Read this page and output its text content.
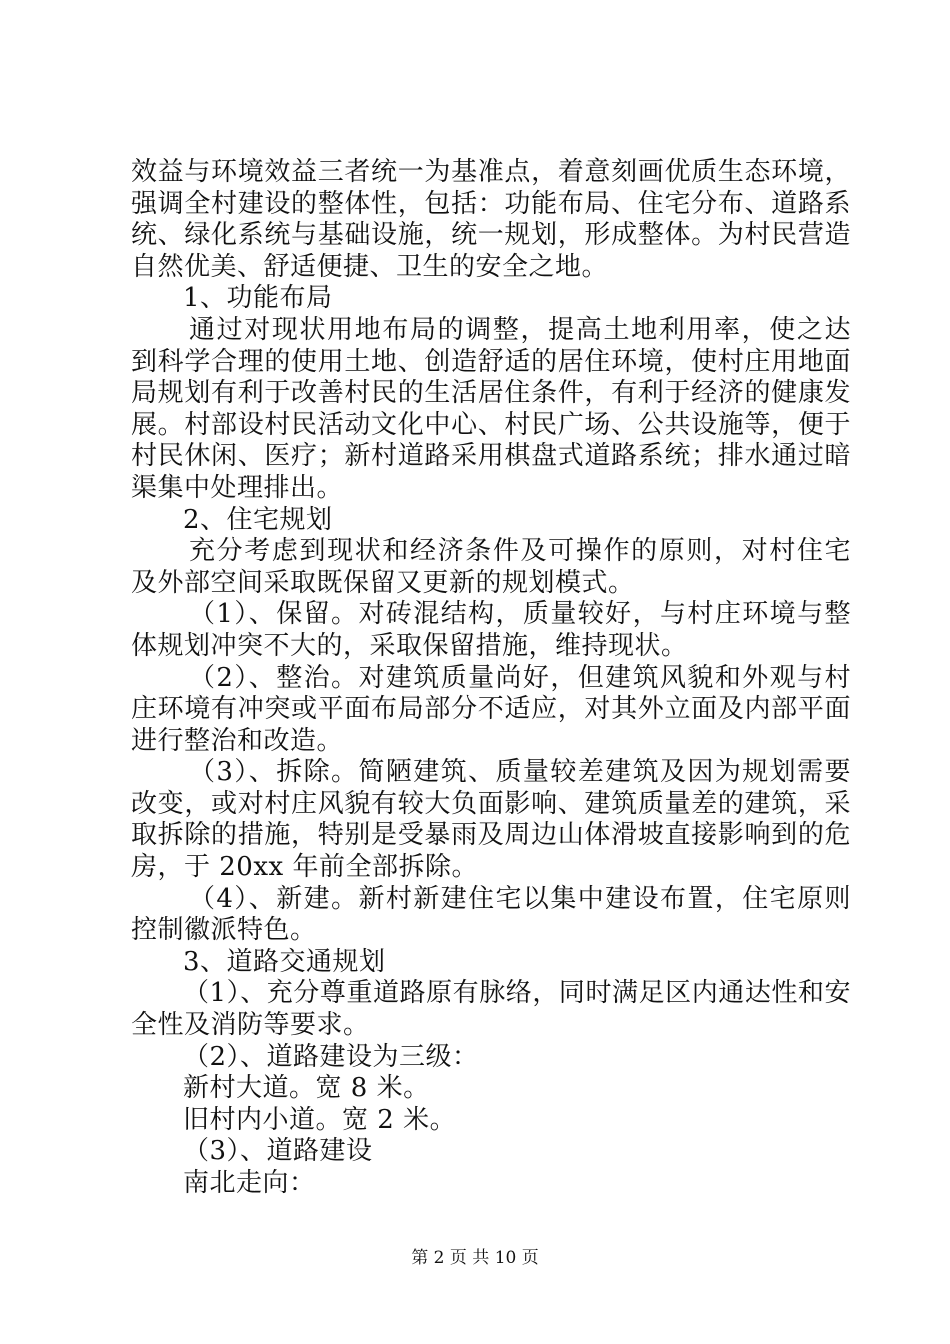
效益与环境效益三者统一为基准点，着意刻画优质生态环境，强调全村建设的整体性，包括：功能布局、住宅分布、道路系统、绿化系统与基础设施，统一规划，形成整体。为村民营造自然优美、舒适便捷、卫生的安全之地。

1、功能布局

通过对现状用地布局的调整，提高土地利用率，使之达到科学合理的使用土地、创造舒适的居住环境，使村庄用地面局规划有利于改善村民的生活居住条件，有利于经济的健康发展。村部设村民活动文化中心、村民广场、公共设施等，便于村民休闲、医疗；新村道路采用棋盘式道路系统；排水通过暗渠集中处理排出。

2、住宅规划

充分考虑到现状和经济条件及可操作的原则，对村住宅及外部空间采取既保留又更新的规划模式。

（1）、保留。对砖混结构，质量较好，与村庄环境与整体规划冲突不大的，采取保留措施，维持现状。

（2）、整治。对建筑质量尚好，但建筑风貌和外观与村庄环境有冲突或平面布局部分不适应，对其外立面及内部平面进行整治和改造。

（3）、拆除。简陋建筑、质量较差建筑及因为规划需要改变，或对村庄风貌有较大负面影响、建筑质量差的建筑，采取拆除的措施，特别是受暴雨及周边山体滑坡直接影响到的危房，于 20xx 年前全部拆除。

（4）、新建。新村新建住宅以集中建设布置，住宅原则控制徽派特色。

3、道路交通规划

（1）、充分尊重道路原有脉络，同时满足区内通达性和安全性及消防等要求。

（2）、道路建设为三级：

新村大道。宽 8 米。

旧村内小道。宽 2 米。

（3）、道路建设

南北走向：

第 2 页 共 10 页
